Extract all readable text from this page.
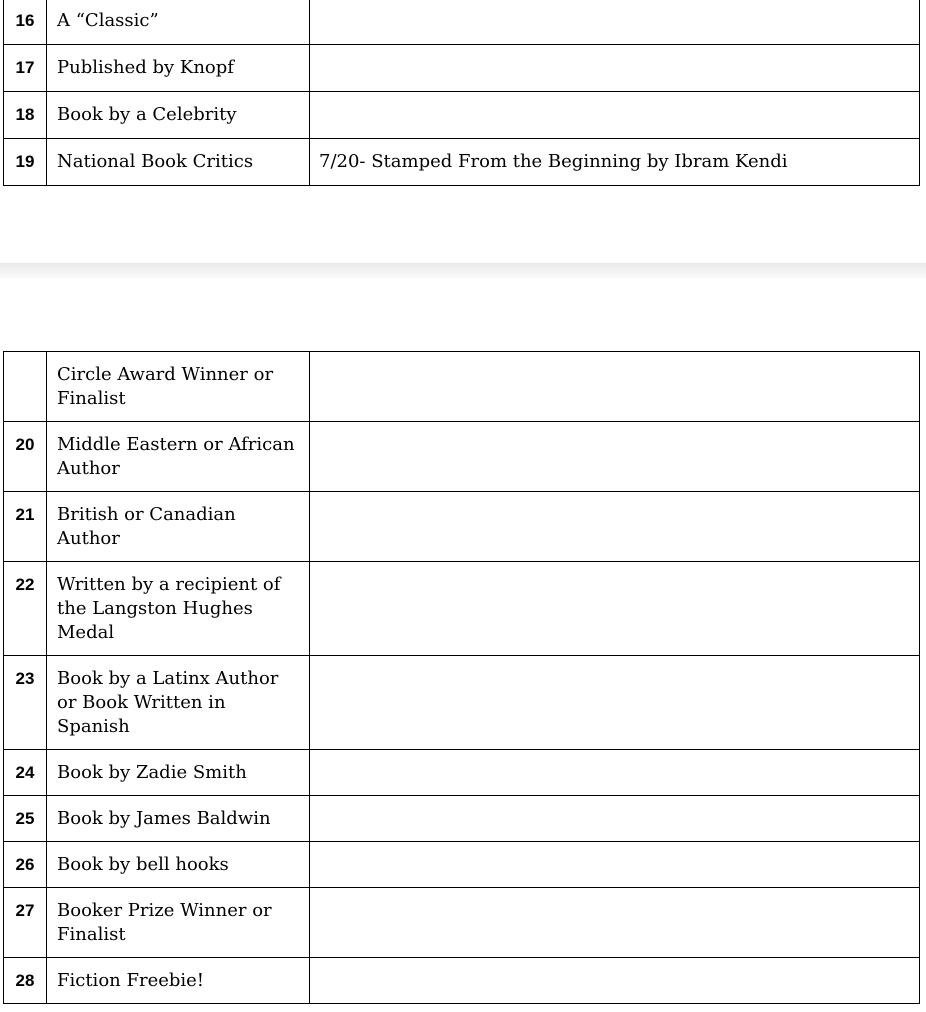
16	A “Classic”	

17	Published by Knopf	

18	Book by a Celebrity	

19	National Book Critics	7/20- Stamped From the Beginning by Ibram Kendi

	Circle Award Winner or Finalist	

20	Middle Eastern or African Author	

21	British or Canadian Author	

22	Written by a recipient of the Langston Hughes Medal	

23	Book by a Latinx Author or Book Written in Spanish	

24	Book by Zadie Smith	

25	Book by James Baldwin	

26	Book by bell hooks	

27	Booker Prize Winner or Finalist	

28	Fiction Freebie!	
